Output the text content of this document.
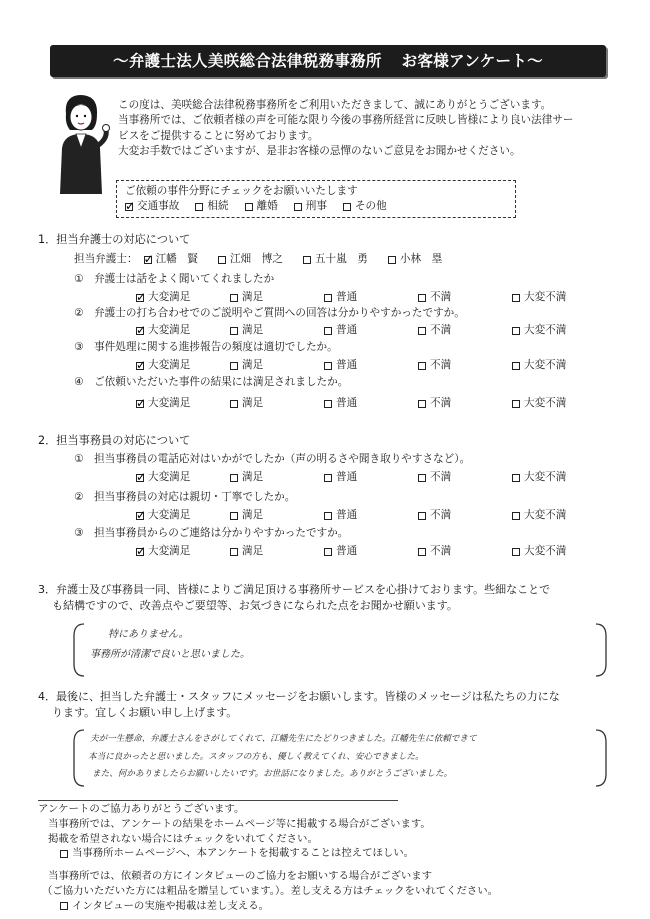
～ 弁護士法人美咲総合法律税務事務所 お客様アンケート ～

この度は、美咲総合法律税務事務所をご利用いただきまして、誠にありがとうございます。

当事務所では、ご依頼者様の声を可能な限り今後の事務所経営に反映し皆様により良い法律サー

ビスをご提供することに努めております。

大変お手数ではございますが、是非お客様の忌憚のないご意見をお聞かせください。

ご依頼の事件分野にチェックをお願いいたします
✓
交通事故	相続	離婚	刑事	その他
1．担当弁護士の対応について
担当弁護士：
✓ 江幡　賢	江畑　博之	五十嵐　勇	小林　塁
①　 弁護士は話をよく聞いてくれましたか
✓
大変満足	満足	普通	不満	大変不満
②　 弁護士の打ち合わせでのご説明やご質問への回答は分かりやすかったですか。
✓
大変満足	満足	普通	不満	大変不満
③　 事件処理に関する進捗報告の頻度は適切でしたか。
✓
大変満足	満足	普通	不満	大変不満
④　 ご依頼いただいた事件の結果には満足されましたか。
✓
大変満足	満足	普通	不満	大変不満
2．担当事務員の対応について
①　 担当事務員の電話応対はいかがでしたか（声の明るさや聞き取りやすさなど）。
✓
大変満足	満足	普通	不満	大変不満
②　 担当事務員の対応は親切・丁寧でしたか。
✓
大変満足	満足	普通	不満	大変不満
③　 担当事務員からのご連絡は分かりやすかったですか。
✓
大変満足	満足	普通	不満	大変不満

3．弁護士及び事務員一同、皆様によりご満足頂ける事務所サービスを心掛けております。些細なことで

も結構ですので、改善点やご要望等、お気づきになられた点をお聞かせ願います。

特にありません。
事務所が清潔で良いと思いました。

4．最後に、担当した弁護士・スタッフにメッセージをお願いします。皆様のメッセージは私たちの力にな

ります。宜しくお願い申し上げます。

夫が一生懸命、弁護士さんをさがしてくれて、江幡先生にたどりつきました。江幡先生に依頼できて
本当に良かったと思いました。スタッフの方も、優しく教えてくれ、安心できました。
また、何かありましたらお願いしたいです。お世話になりました。ありがとうございました。

アンケートのご協力ありがとうございます。

当事務所では、アンケートの結果をホームページ等に掲載する場合がございます。

掲載を希望されない場合にはチェックをいれてください。

当事務所ホームページへ、本アンケートを掲載することは控えてほしい。

当事務所では、依頼者の方にインタビューのご協力をお願いする場合がございます

（ご協力いただいた方には粗品を贈呈しています。）。差し支える方はチェックをいれてください。

インタビューの実施や掲載は差し支える。
